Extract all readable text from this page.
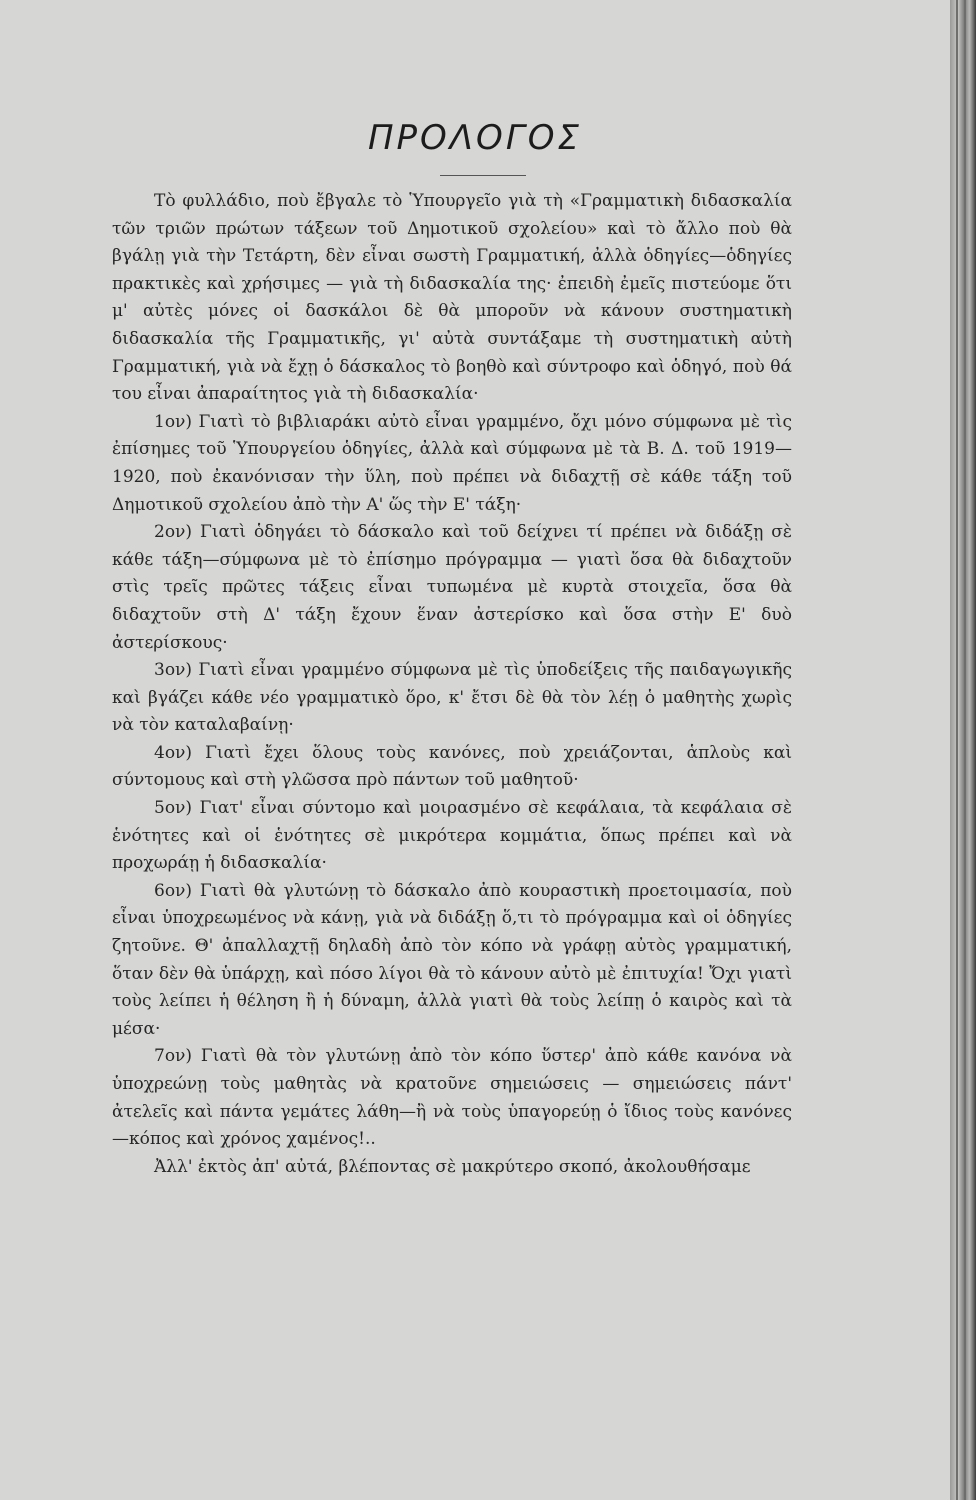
ΠΡΟΛΟΓΟΣ

Τὸ φυλλάδιο, ποὺ ἔβγαλε τὸ Ὑπουργεῖο γιὰ τὴ «Γραμματικὴ διδασκαλία τῶν τριῶν πρώτων τάξεων τοῦ Δημοτικοῦ σχολείου» καὶ τὸ ἄλλο ποὺ θὰ βγάλῃ γιὰ τὴν Τετάρτη, δὲν εἶναι σωστὴ Γραμματική, ἀλλὰ ὁδηγίες—ὁδηγίες πρακτικὲς καὶ χρήσιμες — γιὰ τὴ διδασκαλία της· ἐπειδὴ ἐμεῖς πιστεύομε ὅτι μ' αὐτὲς μόνες οἱ δασκάλοι δὲ θὰ μποροῦν νὰ κάνουν συστηματικὴ διδασκαλία τῆς Γραμματικῆς, γι' αὐτὰ συντάξαμε τὴ συστηματικὴ αὐτὴ Γραμματική, γιὰ νὰ ἔχῃ ὁ δάσκαλος τὸ βοηθὸ καὶ σύντροφο καὶ ὁδηγό, ποὺ θά του εἶναι ἀπαραίτητος γιὰ τὴ διδασκαλία·

1ον) Γιατὶ τὸ βιβλιαράκι αὐτὸ εἶναι γραμμένο, ὄχι μόνο σύμφωνα μὲ τὶς ἐπίσημες τοῦ Ὑπουργείου ὁδηγίες, ἀλλὰ καὶ σύμφωνα μὲ τὰ Β. Δ. τοῦ 1919—1920, ποὺ ἐκανόνισαν τὴν ὕλη, ποὺ πρέπει νὰ διδαχτῇ σὲ κάθε τάξη τοῦ Δημοτικοῦ σχολείου ἀπὸ τὴν Α' ὥς τὴν Ε' τάξη·

2ον) Γιατὶ ὁδηγάει τὸ δάσκαλο καὶ τοῦ δείχνει τί πρέπει νὰ διδάξῃ σὲ κάθε τάξη—σύμφωνα μὲ τὸ ἐπίσημο πρόγραμμα — γιατὶ ὅσα θὰ διδαχτοῦν στὶς τρεῖς πρῶτες τάξεις εἶναι τυπωμένα μὲ κυρτὰ στοιχεῖα, ὅσα θὰ διδαχτοῦν στὴ Δ' τάξη ἔχουν ἕναν ἀστερίσκο καὶ ὅσα στὴν Ε' δυὸ ἀστερίσκους·

3ον) Γιατὶ εἶναι γραμμένο σύμφωνα μὲ τὶς ὑποδείξεις τῆς παιδαγωγικῆς καὶ βγάζει κάθε νέο γραμματικὸ ὅρο, κ' ἔτσι δὲ θὰ τὸν λέῃ ὁ μαθητὴς χωρὶς νὰ τὸν καταλαβαίνῃ·

4ον) Γιατὶ ἔχει ὅλους τοὺς κανόνες, ποὺ χρειάζονται, ἁπλοὺς καὶ σύντομους καὶ στὴ γλῶσσα πρὸ πάντων τοῦ μαθητοῦ·

5ον) Γιατ' εἶναι σύντομο καὶ μοιρασμένο σὲ κεφάλαια, τὰ κεφάλαια σὲ ἑνότητες καὶ οἱ ἑνότητες σὲ μικρότερα κομμάτια, ὅπως πρέπει καὶ νὰ προχωράῃ ἡ διδασκαλία·

6ον) Γιατὶ θὰ γλυτώνῃ τὸ δάσκαλο ἀπὸ κουραστικὴ προετοιμασία, ποὺ εἶναι ὑποχρεωμένος νὰ κάνῃ, γιὰ νὰ διδάξῃ ὅ,τι τὸ πρόγραμμα καὶ οἱ ὁδηγίες ζητοῦνε. Θ' ἀπαλλαχτῇ δηλαδὴ ἀπὸ τὸν κόπο νὰ γράφῃ αὐτὸς γραμματική, ὅταν δὲν θὰ ὑπάρχῃ, καὶ πόσο λίγοι θὰ τὸ κάνουν αὐτὸ μὲ ἐπιτυχία! Ὄχι γιατὶ τοὺς λείπει ἡ θέληση ἢ ἡ δύναμη, ἀλλὰ γιατὶ θὰ τοὺς λείπῃ ὁ καιρὸς καὶ τὰ μέσα·

7ον) Γιατὶ θὰ τὸν γλυτώνῃ ἀπὸ τὸν κόπο ὕστερ' ἀπὸ κάθε κανόνα νὰ ὑποχρεώνῃ τοὺς μαθητὰς νὰ κρατοῦνε σημειώσεις — σημειώσεις πάντ' ἀτελεῖς καὶ πάντα γεμάτες λάθη—ἢ νὰ τοὺς ὑπαγορεύῃ ὁ ἴδιος τοὺς κανόνες—κόπος καὶ χρόνος χαμένος!..

Ἀλλ' ἐκτὸς ἀπ' αὐτά, βλέποντας σὲ μακρύτερο σκοπό, ἀκολουθήσαμε
